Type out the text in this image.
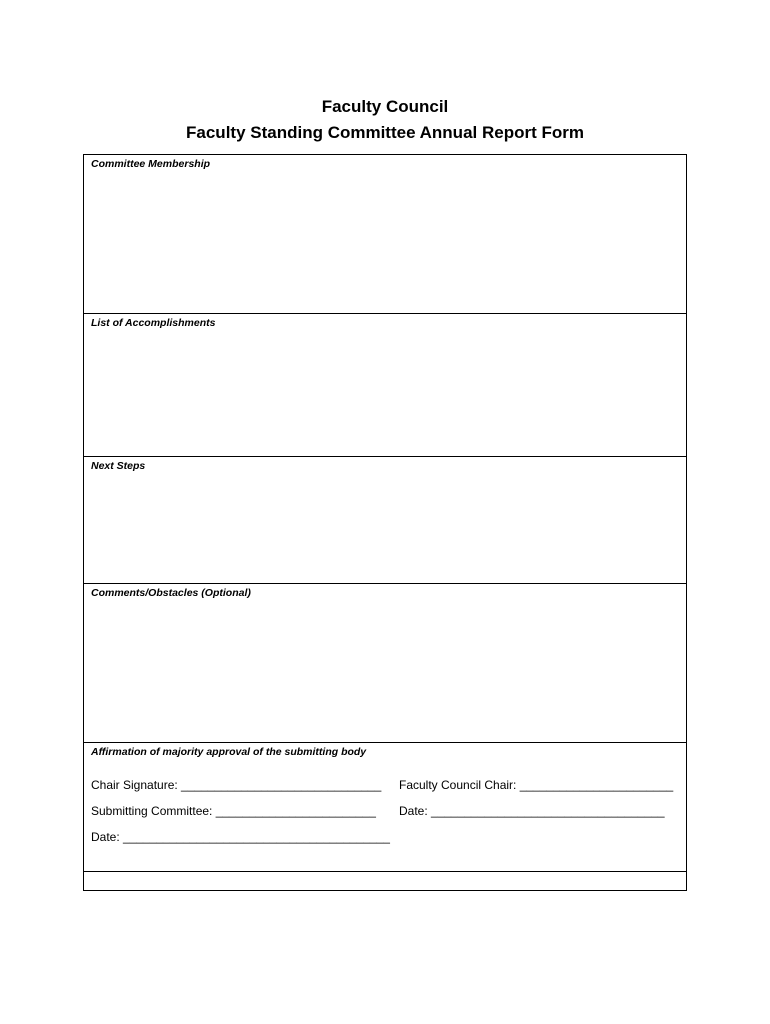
Faculty Council
Faculty Standing Committee Annual Report Form
Committee Membership
List of Accomplishments
Next Steps
Comments/Obstacles (Optional)
Affirmation of majority approval of the submitting body
Chair Signature: ______________________________ Faculty Council Chair: _______________________
Submitting Committee: ________________________ Date: ___________________________________
Date: ________________________________________
